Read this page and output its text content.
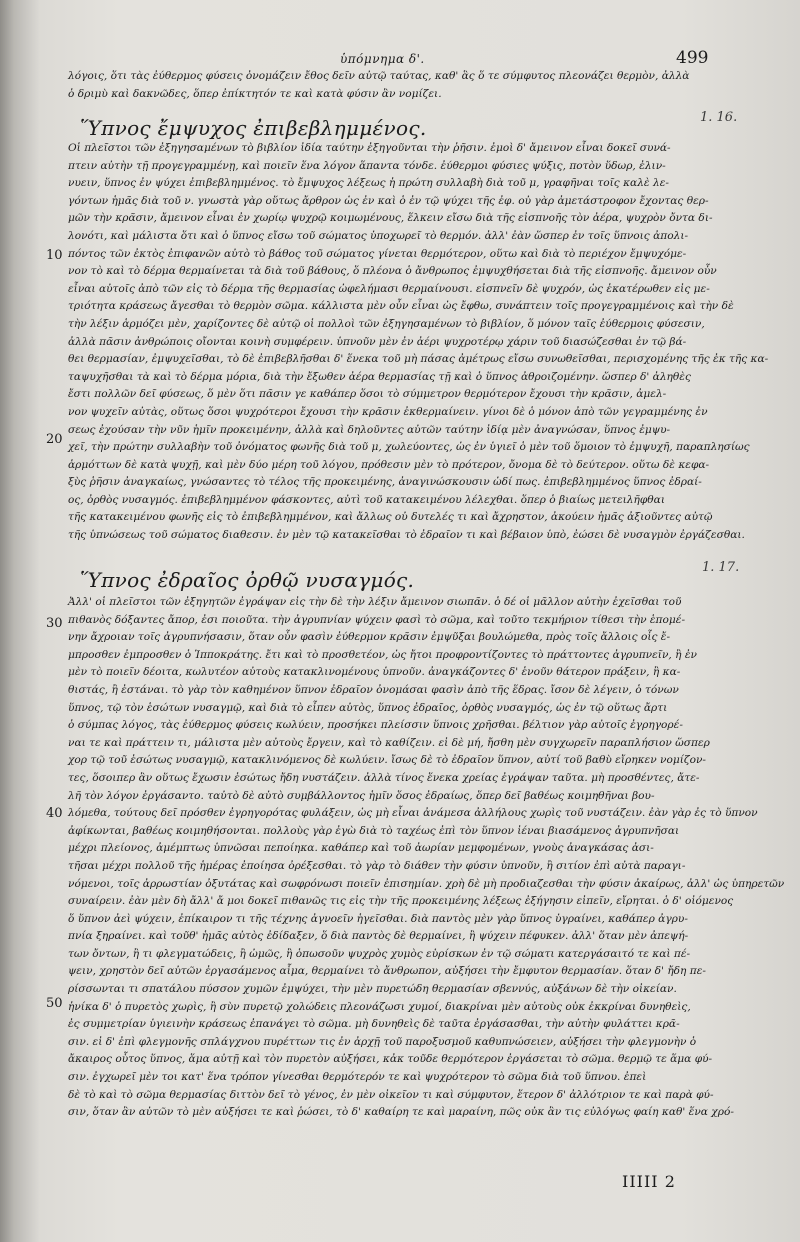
ὑπόμνημα δ'.	499

λόγοις, ὅτι τὰς ἐύθερμος φύσεις ὀνομάζειν ἔθος δεῖν αὐτῷ ταύτας, καθ' ἃς ὅ τε σύμφυτος πλεονάζει θερμὸν, ἀλλὰ

ὁ δριμὺ καὶ δακνῶδες, ὅπερ ἐπίκτητόν τε καὶ κατὰ φύσιν ἂν νομίζει.

Ὕπνος ἔμψυχος ἐπιβεβλημμένος.	1. 16.

Οἱ πλεῖστοι τῶν ἐξηγησαμένων τὸ βιβλίον ἰδία ταύτην ἐξηγοῦνται τὴν ῥῆσιν. ἐμοὶ δ' ἄμεινον εἶναι δοκεῖ συνά-

πτειν αὐτὴν τῇ προγεγραμμένῃ, καὶ ποιεῖν ἕνα λόγον ἅπαντα τόνδε. ἐύθερμοι φύσιες ψύξις, ποτὸν ὕδωρ, ἐλιν-

νυειν, ὕπνος ἐν ψύχει ἐπιβεβλημμένος. τὸ ἔμψυχος λέξεως ἡ πρώτη συλλαβὴ διὰ τοῦ μ, γραφῆναι τοῖς καλὲ λε-

γόντων ἡμᾶς διὰ τοῦ ν. γνωστὰ γὰρ οὕτως ἄρθρον ὡς ἐν καὶ ὁ ἐν τῷ ψύχει τῆς ἐφ. οὐ γὰρ ἀμετάστροφον ἔχοντας θερ-

μῶν τὴν κρᾶσιν, ἄμεινον εἶναι ἐν χωρίῳ ψυχρῷ κοιμωμένους, ἕλκειν εἴσω διὰ τῆς εἰσπνοῆς τὸν ἀέρα, ψυχρὸν ὄντα δι-

λονότι, καὶ μάλιστα ὅτι καὶ ὁ ὕπνος εἴσω τοῦ σώματος ὑποχωρεῖ τὸ θερμόν. ἀλλ' ἐὰν ὥσπερ ἐν τοῖς ὕπνοις ἀπολι-

πόντος τῶν ἐκτὸς ἐπιφανῶν αὐτὸ τὸ βάθος τοῦ σώματος γίνεται θερμότερον, οὕτω καὶ διὰ τὸ περιέχον ἔμψυχόμε-

νον τὸ καὶ τὸ δέρμα θερμαίνεται τὰ διὰ τοῦ βάθους, ὅ πλέονα ὁ ἄνθρωπος ἐμψυχθήσεται διὰ τῆς εἰσπνοῆς. ἄμεινον οὖν

εἶναι αὐτοῖς ἀπὸ τῶν εἰς τὸ δέρμα τῆς θερμασίας ὠφελήμασι θερμαίνουσι. εἰσπνεῖν δὲ ψυχρόν, ὡς ἑκατέρωθεν εἰς με-

τριότητα κράσεως ἄγεσθαι τὸ θερμὸν σῶμα. κάλλιστα μὲν οὖν εἶναι ὡς ἔφθω, συνάπτειν τοῖς προγεγραμμένοις καὶ τὴν δὲ

τὴν λέξιν ἁρμόζει μὲν, χαρίζοντες δὲ αὐτῷ οἱ πολλοὶ τῶν ἐξηγησαμένων τὸ βιβλίον, ὅ μόνον ταῖς ἐύθερμοις φύσεσιν,

ἀλλὰ πᾶσιν ἀνθρώποις οἴονται κοινὴ συμφέρειν. ὑπνοῦν μὲν ἐν ἀέρι ψυχροτέρῳ χάριν τοῦ διασώζεσθαι ἐν τῷ βά-

θει θερμασίαν, ἐμψυχεῖσθαι, τὸ δὲ ἐπιβεβλῆσθαι δ' ἕνεκα τοῦ μὴ πάσας ἀμέτρως εἴσω συνωθεῖσθαι, περισχομένης τῆς ἐκ τῆς κα-

ταψυχῆσθαι τὰ καὶ τὸ δέρμα μόρια, διὰ τὴν ἔξωθεν ἀέρα θερμασίας τῇ καὶ ὁ ὕπνος ἀθροιζομένην. ὥσπερ δ' ἀληθὲς

ἔστι πολλῶν δεῖ φύσεως, ὅ μὲν ὅτι πᾶσιν γε καθάπερ ὅσοι τὸ σύμμετρον θερμότερον ἔχουσι τὴν κρᾶσιν, ἀμελ-

νον ψυχεῖν αὐτὰς, οὕτως ὅσοι ψυχρότεροι ἔχουσι τὴν κρᾶσιν ἐκθερμαίνειν. γίνοι δὲ ὁ μόνον ἀπὸ τῶν γεγραμμένης ἐν

σεως ἐχούσαν τὴν νῦν ἡμῖν προκειμένην, ἀλλὰ καὶ δηλοῦντες αὐτῶν ταύτην ἰδίᾳ μὲν ἀναγνώσαν, ὕπνος ἐμψυ-

χεῖ, τὴν πρώτην συλλαβὴν τοῦ ὀνόματος φωνῆς διὰ τοῦ μ, χωλεύοντες, ὡς ἐν ὑγιεῖ ὁ μὲν τοῦ ὅμοιον τὸ ἐμψυχῆ, παραπλησίως

ἁρμόττων δὲ κατὰ ψυχῇ, καὶ μὲν δύο μέρη τοῦ λόγου, πρόθεσιν μὲν τὸ πρότερον, ὄνομα δὲ τὸ δεύτερον. οὕτω δὲ κεφα-

ξὺς ῥῆσιν ἀναγκαίως, γνώσαντες τὸ τέλος τῆς προκειμένης, ἀναγινώσκουσιν ὡδί πως. ἐπιβεβλημμένος ὕπνος ἐδραί-

ος, ὀρθὸς νυσαγμός. ἐπιβεβλημμένον φάσκοντες, αὐτὶ τοῦ κατακειμένου λέλεχθαι. ὅπερ ὁ βιαίως μετειλῆφθαι

τῆς κατακειμένου φωνῆς εἰς τὸ ἐπιβεβλημμένον, καὶ ἄλλως οὐ δυτελές τι καὶ ἄχρηστον, ἀκούειν ἡμᾶς ἀξιοῦντες αὐτῷ

τῆς ὑπνώσεως τοῦ σώματος διαθεσιν. ἐν μὲν τῷ κατακεῖσθαι τὸ ἐδραῖον τι καὶ βέβαιον ὑπὸ, ἐώσει δὲ νυσαγμὸν ἐργάζεσθαι.

Ὕπνος ἐδραῖος ὀρθῷ νυσαγμός.
1. 17.

Ἀλλ' οἱ πλεῖστοι τῶν ἐξηγητῶν ἐγράψαν εἰς τὴν δὲ τὴν λέξιν ἄμεινον σιωπᾶν. ὁ δέ οἱ μᾶλλον αὐτὴν ἐχεῖσθαι τοῦ

πιθανὸς δόξαντες ἄπορ, ἐσι ποιοῦτα. τὴν ἀγρυπνίαν ψύχειν φασὶ τὸ σῶμα, καὶ τοῦτο τεκμήριον τίθεσι τὴν ἑπομέ-

νην ἄχροιαν τοῖς ἀγρυπνήσασιν, ὅταν οὖν φασὶν ἐύθερμον κρᾶσιν ἐμψῦξαι βουλώμεθα, πρὸς τοῖς ἄλλοις οἷς ἔ-

μπροσθεν ἐμπροσθεν ὁ Ἱπποκράτης. ἔτι καὶ τὸ προσθετέον, ὡς ἤτοι προφροντίζοντες τὸ πράττοντες ἀγρυπνεῖν, ἢ ἐν

μὲν τὸ ποιεῖν δέοιτα, κωλυτέον αὐτοὺς κατακλινομένους ὑπνοῦν. ἀναγκάζοντες δ' ἑνοῦν θάτερον πράξειν, ἢ κα-

θιστάς, ἢ ἐστάναι. τὸ γὰρ τὸν καθημένον ὕπνον ἐδραῖον ὀνομάσαι φασὶν ἀπὸ τῆς ἕδρας. ἴσον δὲ λέγειν, ὁ τόνων

ὕπνος, τῷ τὸν ἑσώτων νυσαγμῷ, καὶ διὰ τὸ εἶπεν αὐτὸς, ὕπνος ἐδραῖος, ὀρθὸς νυσαγμός, ὡς ἐν τῷ οὕτως ἄρτι

ὁ σύμπας λόγος, τὰς ἐύθερμος φύσεις κωλύειν, προσήκει πλείσσιν ὕπνοις χρῆσθαι. βέλτιον γὰρ αὐτοῖς ἐγρηγορέ-

ναι τε καὶ πράττειν τι, μάλιστα μὲν αὐτοὺς ἔργειν, καὶ τὸ καθίζειν. εἰ δὲ μή, ἤσθη μὲν συγχωρεῖν παραπλήσιον ὥσπερ

χορ τῷ τοῦ ἑσώτως νυσαγμῷ, κατακλινόμενος δὲ κωλύειν. ἴσως δὲ τὸ ἐδραῖον ὕπνον, αὐτί τοῦ βαθὺ εἴρηκεν νομίζον-

τες, ὅσοιπερ ἂν οὕτως ἔχωσιν ἑσώτως ἤδη νυστάζειν. ἀλλὰ τίνος ἕνεκα χρείας ἐγράψαν ταῦτα. μὴ προσθέντες, ἄτε-

λῆ τὸν λόγον ἐργάσαντο. ταὐτὸ δὲ αὐτὸ συμβάλλοντος ἡμῖν ὅσος ἐδραίως, ὅπερ δεῖ βαθέως κοιμηθῆναι βου-

λόμεθα, τούτους δεῖ πρόσθεν ἐγρηγορότας φυλάξειν, ὡς μὴ εἶναι ἀνάμεσα ἀλλήλους χωρὶς τοῦ νυστάζειν. ἐὰν γὰρ ἐς τὸ ὕπνον

ἀφίκωνται, βαθέως κοιμηθήσονται. πολλοὺς γὰρ ἐγὼ διὰ τὸ ταχέως ἐπὶ τὸν ὕπνον ἰέναι βιασάμενος ἀγρυπνῆσαι

μέχρι πλείονος, ἀμέμπτως ὑπνῶσαι πεποίηκα. καθάπερ καὶ τοῦ ἀωρίαν μεμφομένων, γνοὺς ἀναγκάσας ἀσι-

τῆσαι μέχρι πολλοῦ τῆς ἡμέρας ἐποίησα ὀρέξεσθαι. τὸ γὰρ τὸ διάθεν τὴν φύσιν ὑπνοῦν, ἢ σιτίον ἐπὶ αὐτὰ παραγι-

νόμενοι, τοῖς ἀρρωστίαν ὀξυτάτας καὶ σωφρόνωσι ποιεῖν ἐπισημίαν. χρὴ δὲ μὴ προδιαζεσθαι τὴν φύσιν ἀκαίρως, ἀλλ' ὡς ὑπηρετῶν

συναίρειν. ἐὰν μὲν δὴ ἄλλ' ἄ μοι δοκεῖ πιθανῶς τις εἰς τὴν τῆς προκειμένης λέξεως ἐξήγησιν εἰπεῖν, εἴρηται. ὁ δ' οἰόμενος

ὅ ὕπνον ἀεὶ ψύχειν, ἐπίκαιρον τι τῆς τέχνης ἀγνοεῖν ἡγεῖσθαι. διὰ παντὸς μὲν γὰρ ὕπνος ὑγραίνει, καθάπερ ἀγρυ-

πνία ξηραίνει. καὶ τοῦθ' ἡμᾶς αὐτὸς ἐδίδαξεν, ὅ διὰ παντὸς δὲ θερμαίνει, ἢ ψύχειν πέφυκεν. ἀλλ' ὅταν μὲν ἀπεψή-

των ὄντων, ἢ τι φλεγματώδεις, ἢ ὠμῶς, ἢ ὁπωσοῦν ψυχρὸς χυμὸς εὑρίσκων ἐν τῷ σώματι κατεργάσαιτό τε καὶ πέ-

ψειν, χρηστὸν δεῖ αὐτῶν ἐργασάμενος αἷμα, θερμαίνει τὸ ἄνθρωπον, αὐξήσει τὴν ἔμφυτον θερμασίαν. ὅταν δ' ἤδη πε-

ρίσσωνται τι σπατάλου πύσσον χυμῶν ἐμψύχει, τὴν μὲν πυρετώδη θερμασίαν σβεννύς, αὐξάνων δὲ τὴν οἰκείαν.

ἡνίκα δ' ὁ πυρετὸς χωρὶς, ἢ σὺν πυρετῷ χολώδεις πλεονάζωσι χυμοί, διακρίναι μὲν αὐτοὺς οὐκ ἐκκρίναι δυνηθεὶς,

ἐς συμμετρίαν ὑγιεινὴν κράσεως ἐπανάγει τὸ σῶμα. μὴ δυνηθεὶς δὲ ταῦτα ἐργάσασθαι, τὴν αὐτὴν φυλάττει κρᾶ-

σιν. εἰ δ' ἐπὶ φλεγμονῆς σπλάγχνου πυρέττων τις ἐν ἀρχῇ τοῦ παροξυσμοῦ καθυπνώσειεν, αὐξήσει τὴν φλεγμονὴν ὁ

ἄκαιρος οὗτος ὕπνος, ἅμα αὐτῇ καὶ τὸν πυρετὸν αὐξήσει, κἀκ τοῦδε θερμότερον ἐργάσεται τὸ σῶμα. θερμῷ τε ἅμα φύ-

σιν. ἐγχωρεῖ μὲν τοι κατ' ἕνα τρόπον γίνεσθαι θερμότερόν τε καὶ ψυχρότερον τὸ σῶμα διὰ τοῦ ὕπνου. ἐπεὶ

δὲ τὸ καὶ τὸ σῶμα θερμασίας διττὸν δεῖ τὸ γένος, ἐν μὲν οἰκεῖον τι καὶ σύμφυτον, ἕτερον δ' ἀλλότριον τε καὶ παρὰ φύ-

σιν, ὅταν ἂν αὐτῶν τὸ μὲν αὐξήσει τε καὶ ῥώσει, τὸ δ' καθαίρη τε καὶ μαραίνη, πῶς οὐκ ἂν τις εὐλόγως φαίη καθ' ἕνα χρό-

10
20
30
40
50
IIIII 2
